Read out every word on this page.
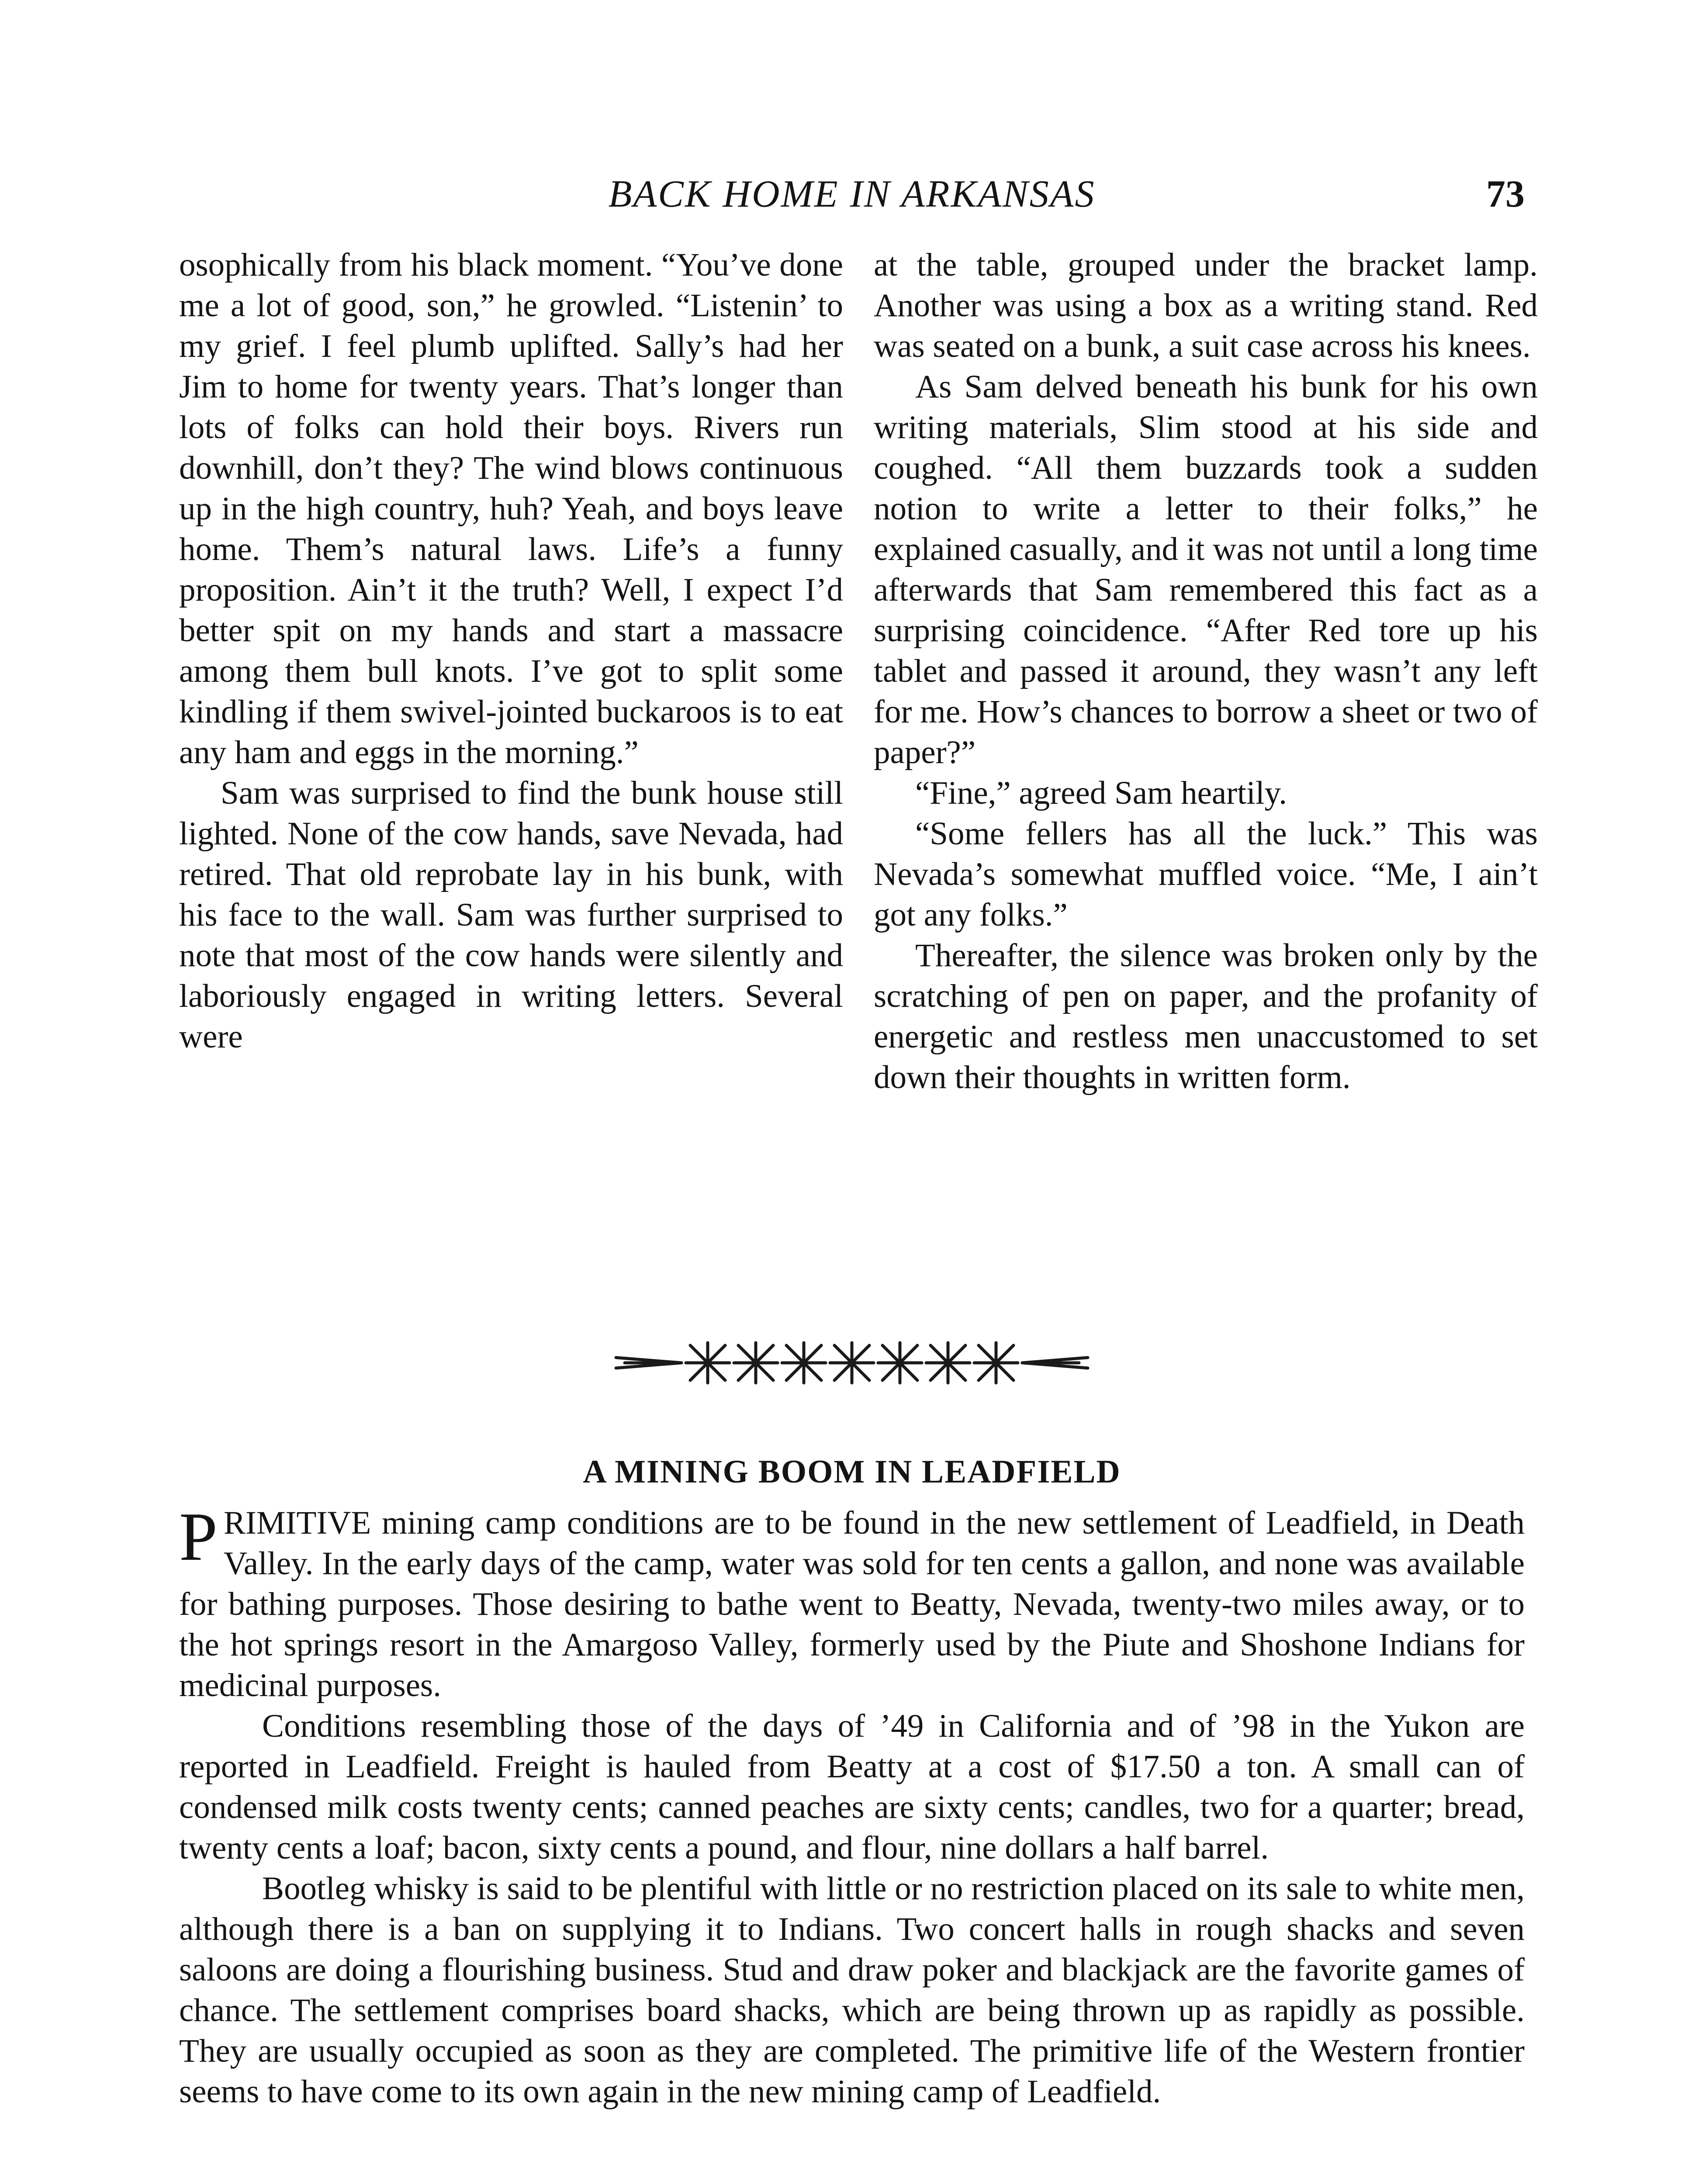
BACK HOME IN ARKANSAS	73

osophically from his black moment. “You’ve done me a lot of good, son,” he growled. “Listenin’ to my grief. I feel plumb uplifted. Sally’s had her Jim to home for twenty years. That’s longer than lots of folks can hold their boys. Rivers run downhill, don’t they? The wind blows continuous up in the high country, huh? Yeah, and boys leave home. Them’s natural laws. Life’s a funny proposition. Ain’t it the truth? Well, I expect I’d better spit on my hands and start a massacre among them bull knots. I’ve got to split some kindling if them swivel-jointed buckaroos is to eat any ham and eggs in the morning.”

Sam was surprised to find the bunk house still lighted. None of the cow hands, save Nevada, had retired. That old reprobate lay in his bunk, with his face to the wall. Sam was further surprised to note that most of the cow hands were silently and laboriously engaged in writing letters. Several were

at the table, grouped under the bracket lamp. Another was using a box as a writing stand. Red was seated on a bunk, a suit case across his knees.

As Sam delved beneath his bunk for his own writing materials, Slim stood at his side and coughed. “All them buzzards took a sudden notion to write a letter to their folks,” he explained casually, and it was not until a long time afterwards that Sam remembered this fact as a surprising coincidence. “After Red tore up his tablet and passed it around, they wasn’t any left for me. How’s chances to borrow a sheet or two of paper?”

“Fine,” agreed Sam heartily.

“Some fellers has all the luck.” This was Nevada’s somewhat muffled voice. “Me, I ain’t got any folks.”

Thereafter, the silence was broken only by the scratching of pen on paper, and the profanity of energetic and restless men unaccustomed to set down their thoughts in written form.

A MINING BOOM IN LEADFIELD

PRIMITIVE mining camp conditions are to be found in the new settlement of Leadfield, in Death Valley. In the early days of the camp, water was sold for ten cents a gallon, and none was available for bathing purposes. Those desiring to bathe went to Beatty, Nevada, twenty-two miles away, or to the hot springs resort in the Amargoso Valley, formerly used by the Piute and Shoshone Indians for medicinal purposes.

Conditions resembling those of the days of ’49 in California and of ’98 in the Yukon are reported in Leadfield. Freight is hauled from Beatty at a cost of $17.50 a ton. A small can of condensed milk costs twenty cents; canned peaches are sixty cents; candles, two for a quarter; bread, twenty cents a loaf; bacon, sixty cents a pound, and flour, nine dollars a half barrel.

Bootleg whisky is said to be plentiful with little or no restriction placed on its sale to white men, although there is a ban on supplying it to Indians. Two concert halls in rough shacks and seven saloons are doing a flourishing business. Stud and draw poker and blackjack are the favorite games of chance. The settlement comprises board shacks, which are being thrown up as rapidly as possible. They are usually occupied as soon as they are completed. The primitive life of the Western frontier seems to have come to its own again in the new mining camp of Leadfield.
